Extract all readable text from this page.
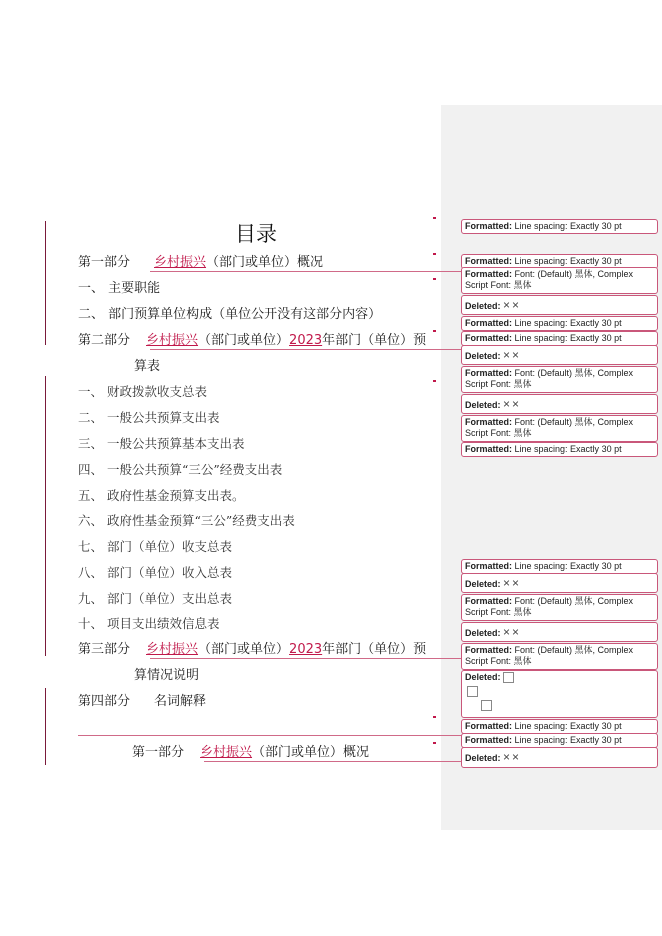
目录
第一部分 乡村振兴（部门或单位）概况
一、 主要职能
二、 部门预算单位构成（单位公开没有这部分内容）
第二部分 乡村振兴（部门或单位）2023年部门（单位）预
算表
一、 财政拨款收支总表
二、 一般公共预算支出表
三、 一般公共预算基本支出表
四、 一般公共预算“三公”经费支出表
五、 政府性基金预算支出表。
六、 政府性基金预算“三公”经费支出表
七、 部门（单位）收支总表
八、 部门（单位）收入总表
九、 部门（单位）支出总表
十、 项目支出绩效信息表
第三部分 乡村振兴（部门或单位）2023年部门（单位）预
算情况说明
第四部分 名词解释
第一部分 乡村振兴（部门或单位）概况
Formatted: Line spacing: Exactly 30 pt
Formatted: Line spacing: Exactly 30 pt
Formatted: Font: (Default) 黑体, Complex Script Font: 黑体
Deleted: ××
Formatted: Line spacing: Exactly 30 pt
Formatted: Line spacing: Exactly 30 pt
Deleted: ××
Formatted: Font: (Default) 黑体, Complex Script Font: 黑体
Deleted: ××
Formatted: Font: (Default) 黑体, Complex Script Font: 黑体
Formatted: Line spacing: Exactly 30 pt
Formatted: Line spacing: Exactly 30 pt
Deleted: ××
Formatted: Font: (Default) 黑体, Complex Script Font: 黑体
Deleted: ××
Formatted: Font: (Default) 黑体, Complex Script Font: 黑体
Deleted:

Formatted: Line spacing: Exactly 30 pt
Formatted: Line spacing: Exactly 30 pt
Deleted: ××
